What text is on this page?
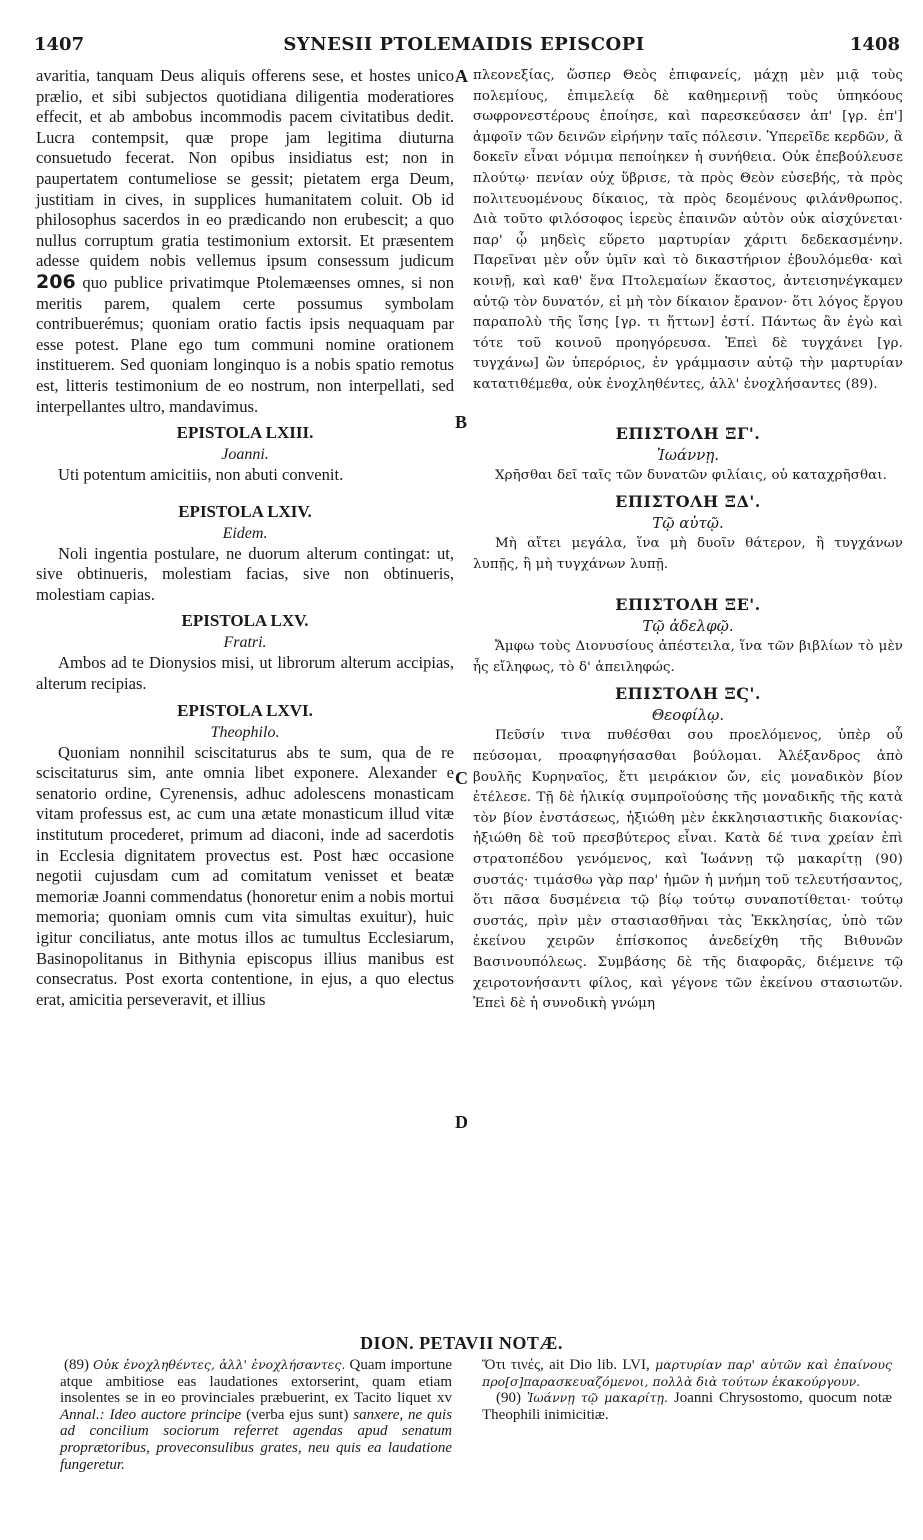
1407	SYNESII PTOLEMAIDIS EPISCOPI	1408

avaritia, tanquam Deus aliquis offerens sese, et hostes unico prælio, et sibi subjectos quotidiana diligentia moderatiores effecit, et ab ambobus incommodis pacem civitatibus dedit. Lucra contempsit, quæ prope jam legitima diuturna consuetudo fecerat. Non opibus insidiatus est; non in paupertatem contumeliose se gessit; pietatem erga Deum, justitiam in cives, in supplices humanitatem coluit. Ob id philosophus sacerdos in eo prædicando non erubescit; a quo nullus corruptum gratia testimonium extorsit. Et præsentem adesse quidem nobis vellemus ipsum consessum judicum 206 quo publice privatimque Ptolemæenses omnes, si non meritis parem, qualem certe possumus symbolam contribuerémus; quoniam oratio factis ipsis nequaquam par esse potest. Plane ego tum communi nomine orationem instituerem. Sed quoniam longinquo is a nobis spatio remotus est, litteris testimonium de eo nostrum, non interpellati, sed interpellantes ultro, mandavimus.

EPISTOLA LXIII.

Joanni.

Uti potentum amicitiis, non abuti convenit.

EPISTOLA LXIV.

Eidem.

Noli ingentia postulare, ne duorum alterum contingat: ut, sive obtinueris, molestiam facias, sive non obtinueris, molestiam capias.

EPISTOLA LXV.

Fratri.

Ambos ad te Dionysios misi, ut librorum alterum accipias, alterum recipias.

EPISTOLA LXVI.

Theophilo.

Quoniam nonnihil sciscitaturus abs te sum, qua de re sciscitaturus sim, ante omnia libet exponere. Alexander e senatorio ordine, Cyrenensis, adhuc adolescens monasticam vitam professus est, ac cum una ætate monasticum illud vitæ institutum procederet, primum ad diaconi, inde ad sacerdotis in Ecclesia dignitatem provectus est. Post hæc occasione negotii cujusdam cum ad comitatum venisset et beatæ memoriæ Joanni commendatus (honoretur enim a nobis mortui memoria; quoniam omnis cum vita simultas exuitur), huic igitur conciliatus, ante motus illos ac tumultus Ecclesiarum, Basinopolitanus in Bithynia episcopus illius manibus est consecratus. Post exorta contentione, in ejus, a quo electus erat, amicitia perseveravit, et illius

A
B
C
D

πλεονεξίας, ὥσπερ Θεὸς ἐπιφανείς, μάχῃ μὲν μιᾷ τοὺς πολεμίους, ἐπιμελείᾳ δὲ καθημερινῇ τοὺς ὑπηκόους σωφρονεστέρους ἐποίησε, καὶ παρεσκεύασεν ἀπ' [γρ. ἐπ'] ἀμφοῖν τῶν δεινῶν εἰρήνην ταῖς πόλεσιν. Ὑπερεῖδε κερδῶν, ἃ δοκεῖν εἶναι νόμιμα πεποίηκεν ἡ συνήθεια. Οὐκ ἐπεβούλευσε πλούτῳ· πενίαν οὐχ ὕβρισε, τὰ πρὸς Θεὸν εὐσεβής, τὰ πρὸς πολιτευομένους δίκαιος, τὰ πρὸς δεομένους φιλάνθρωπος. Διὰ τοῦτο φιλόσοφος ἱερεὺς ἐπαινῶν αὐτὸν οὐκ αἰσχύνεται· παρ' ᾧ μηδεὶς εὕρετο μαρτυρίαν χάριτι δεδεκασμένην. Παρεῖναι μὲν οὖν ὑμῖν καὶ τὸ δικαστήριον ἐβουλόμεθα· καὶ κοινῇ, καὶ καθ' ἕνα Πτολεμαίων ἕκαστος, ἀντεισηνέγκαμεν αὐτῷ τὸν δυνατόν, εἰ μὴ τὸν δίκαιον ἔρανον· ὅτι λόγος ἔργου παραπολὺ τῆς ἴσης [γρ. τι ἥττων] ἐστί. Πάντως ἂν ἐγὼ καὶ τότε τοῦ κοινοῦ προηγόρευσα. Ἐπεὶ δὲ τυγχάνει [γρ. τυγχάνω] ὢν ὑπερόριος, ἐν γράμμασιν αὐτῷ τὴν μαρτυρίαν κατατιθέμεθα, οὐκ ἐνοχληθέντες, ἀλλ' ἐνοχλήσαντες (89).

ΕΠΙΣΤΟΛΗ ΞΓ'.

Ἰωάννῃ.

Χρῆσθαι δεῖ ταῖς τῶν δυνατῶν φιλίαις, οὐ καταχρῆσθαι.

ΕΠΙΣΤΟΛΗ ΞΔ'.

Τῷ αὐτῷ.

Μὴ αἴτει μεγάλα, ἵνα μὴ δυοῖν θάτερον, ἢ τυγχάνων λυπῇς, ἢ μὴ τυγχάνων λυπῇ.

ΕΠΙΣΤΟΛΗ ΞΕ'.

Τῷ ἀδελφῷ.

Ἄμφω τοὺς Διονυσίους ἀπέστειλα, ἵνα τῶν βιβλίων τὸ μὲν ἧς εἴληφως, τὸ δ' ἀπειληφώς.

ΕΠΙΣΤΟΛΗ ΞϚ'.

Θεοφίλῳ.

Πεῦσίν τινα πυθέσθαι σου προελόμενος, ὑπὲρ οὗ πεύσομαι, προαφηγήσασθαι βούλομαι. Ἀλέξανδρος ἀπὸ βουλῆς Κυρηναῖος, ἔτι μειράκιον ὤν, εἰς μοναδικὸν βίον ἐτέλεσε. Τῇ δὲ ἡλικίᾳ συμπροϊούσης τῆς μοναδικῆς τῆς κατὰ τὸν βίον ἐνστάσεως, ἠξιώθη μὲν ἐκκλησιαστικῆς διακονίας· ἠξιώθη δὲ τοῦ πρεσβύτερος εἶναι. Κατὰ δέ τινα χρείαν ἐπὶ στρατοπέδου γενόμενος, καὶ Ἰωάννῃ τῷ μακαρίτῃ (90) συστάς· τιμάσθω γὰρ παρ' ἡμῶν ἡ μνήμη τοῦ τελευτήσαντος, ὅτι πᾶσα δυσμένεια τῷ βίῳ τούτῳ συναποτίθεται· τούτῳ συστάς, πρὶν μὲν στασιασθῆναι τὰς Ἐκκλησίας, ὑπὸ τῶν ἐκείνου χειρῶν ἐπίσκοπος ἀνεδείχθη τῆς Βιθυνῶν Βασινουπόλεως. Συμβάσης δὲ τῆς διαφορᾶς, διέμεινε τῷ χειροτονήσαντι φίλος, καὶ γέγονε τῶν ἐκείνου στασιωτῶν. Ἐπεὶ δὲ ἡ συνοδικὴ γνώμη

DION. PETAVII NOTÆ.

(89) Οὐκ ἐνοχληθέντες, ἀλλ' ἐνοχλήσαντες. Quam importune atque ambitiose eas laudationes extorserint, quam etiam insolentes se in eo provinciales præbuerint, ex Tacito liquet xv Annal.: Ideo auctore principe (verba ejus sunt) sanxere, ne quis ad concilium sociorum referret agendas apud senatum proprætoribus, proveconsulibus grates, neu quis ea laudatione fungeretur.

Ὅτι τινές, ait Dio lib. LVI, μαρτυρίαν παρ' αὐτῶν καὶ ἐπαίνους προ[σ]παρασκευαζόμενοι, πολλὰ διὰ τούτων ἐκακούργουν.

(90) Ἰωάννῃ τῷ μακαρίτῃ. Joanni Chrysostomo, quocum notæ Theophili inimicitiæ.
